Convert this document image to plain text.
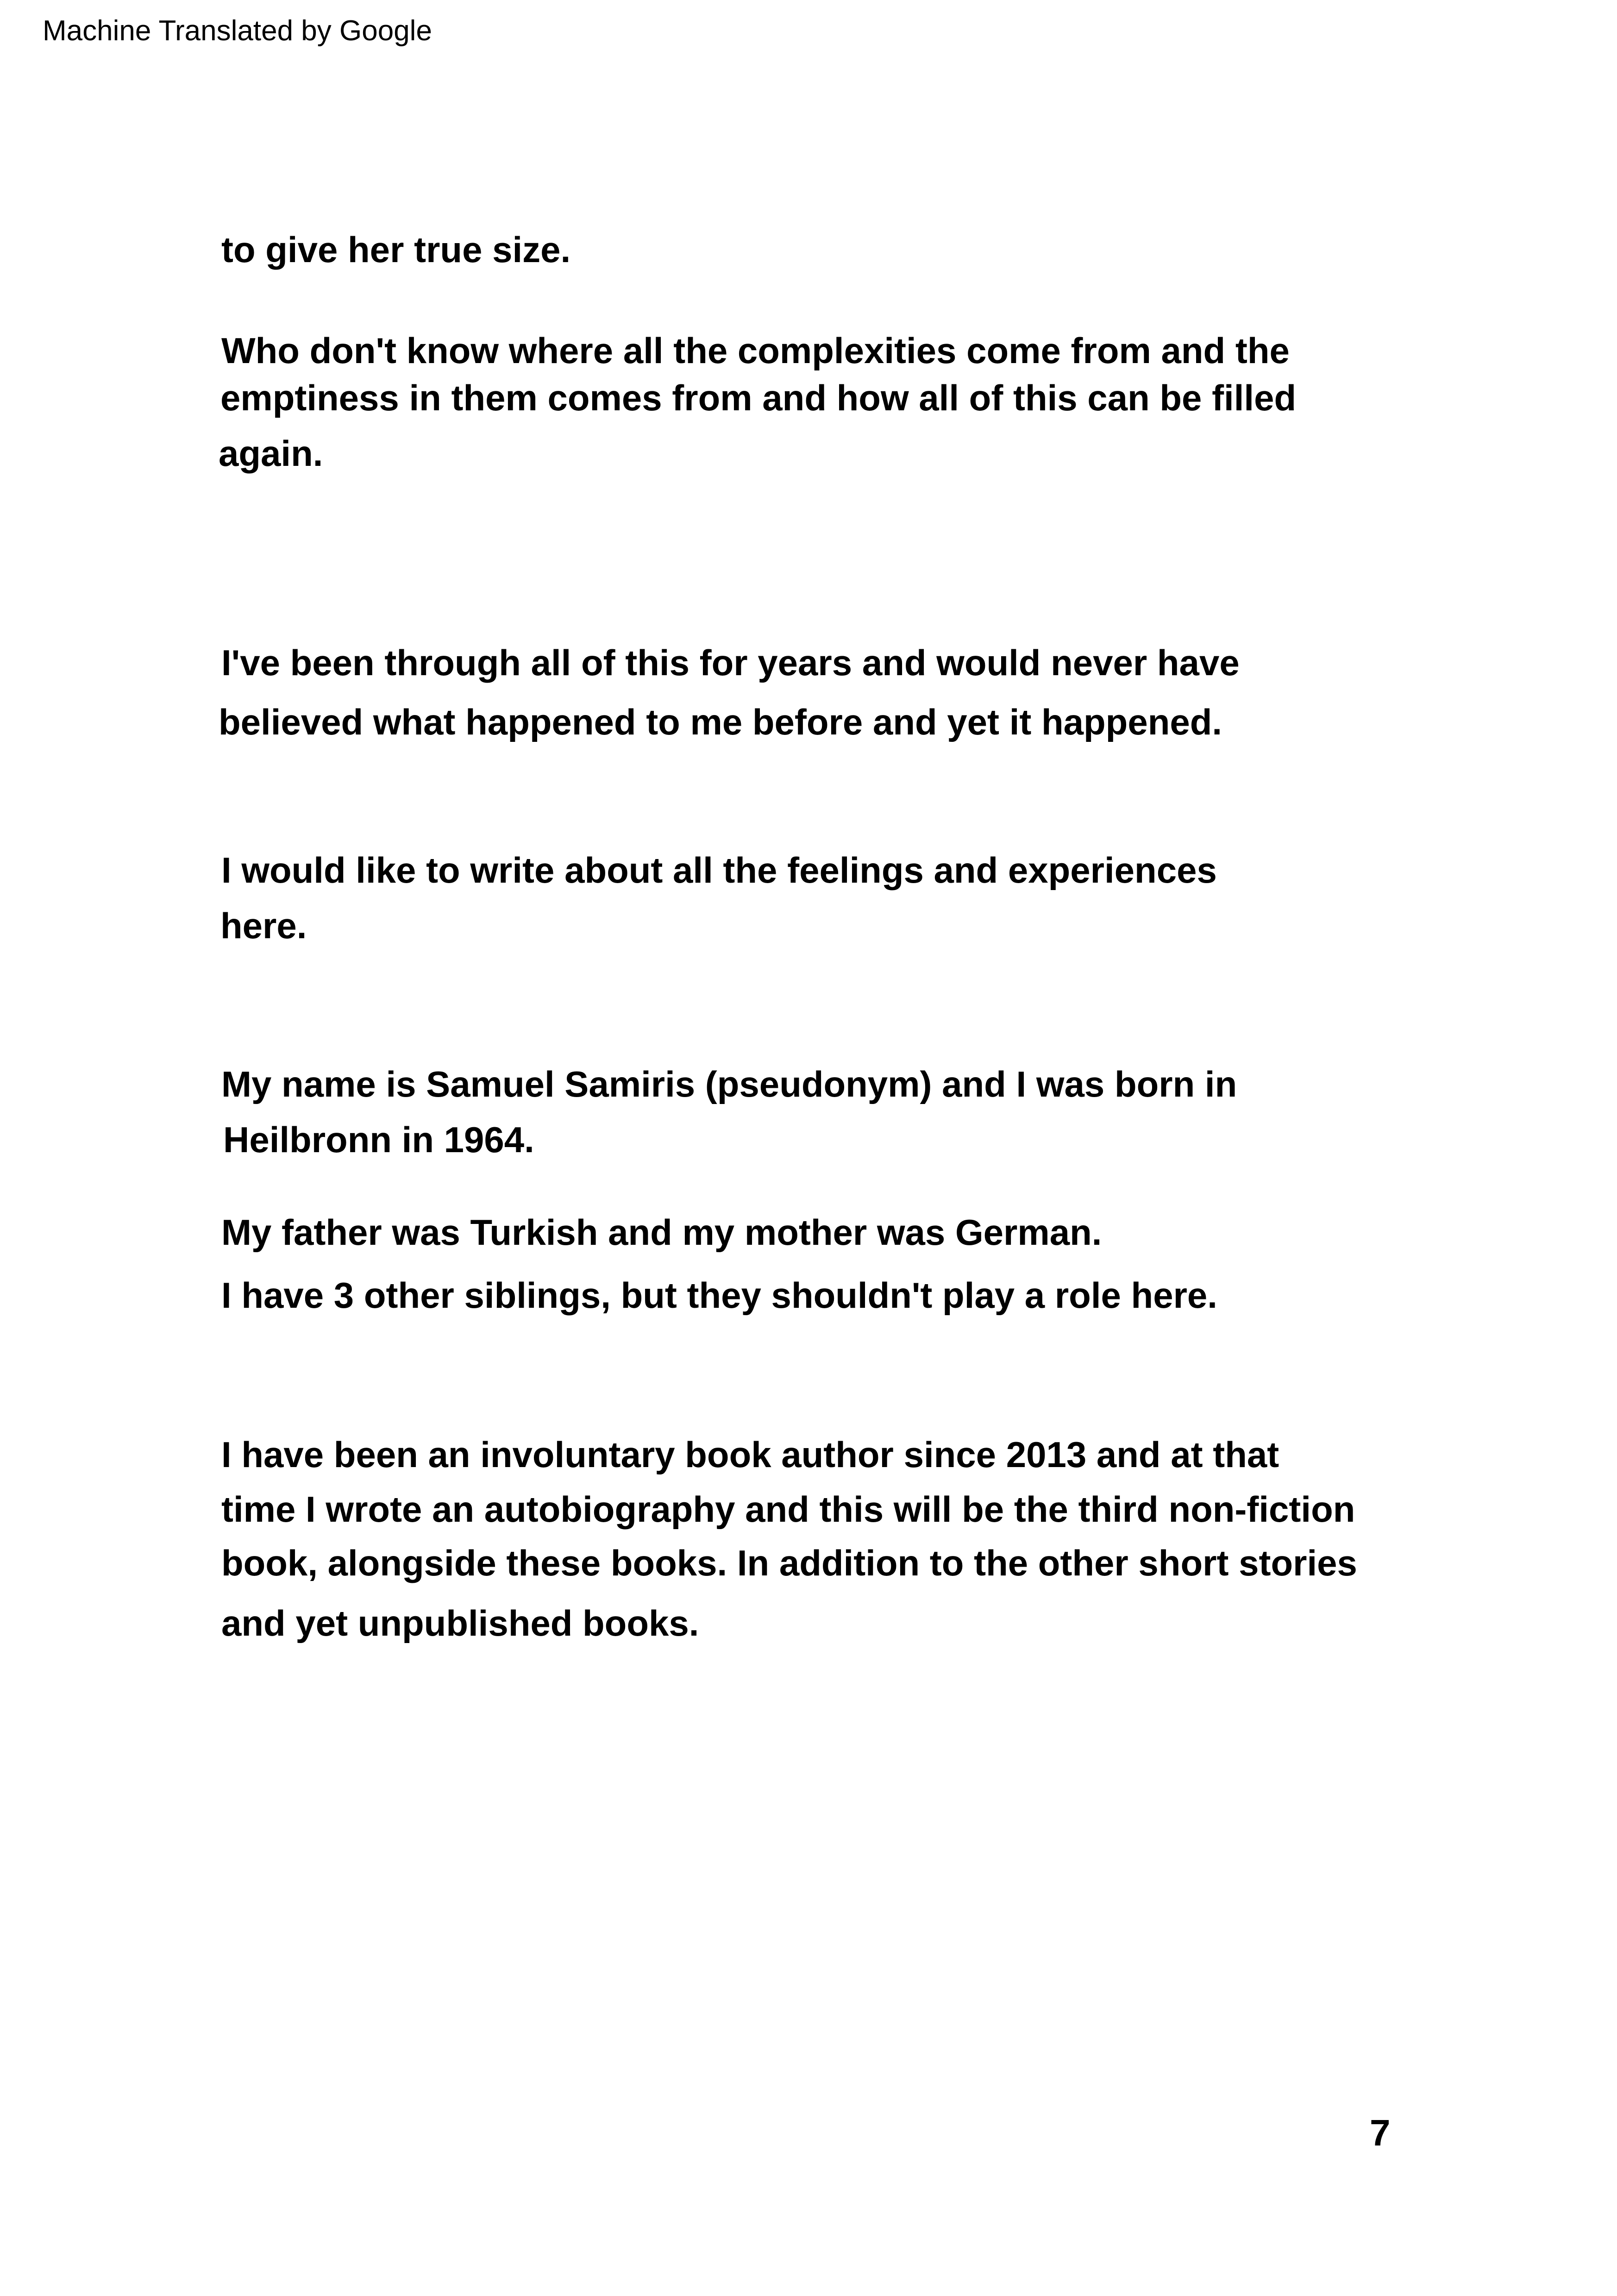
Machine Translated by Google
to give her true size.
Who don't know where all the complexities come from and the
emptiness in them comes from and how all of this can be filled
again.
I've been through all of this for years and would never have
believed what happened to me before and yet it happened.
I would like to write about all the feelings and experiences
here.
My name is Samuel Samiris (pseudonym) and I was born in
Heilbronn in 1964.
My father was Turkish and my mother was German.
I have 3 other siblings, but they shouldn't play a role here.
I have been an involuntary book author since 2013 and at that
time I wrote an autobiography and this will be the third non-fiction
book, alongside these books. In addition to the other short stories
and yet unpublished books.
7
